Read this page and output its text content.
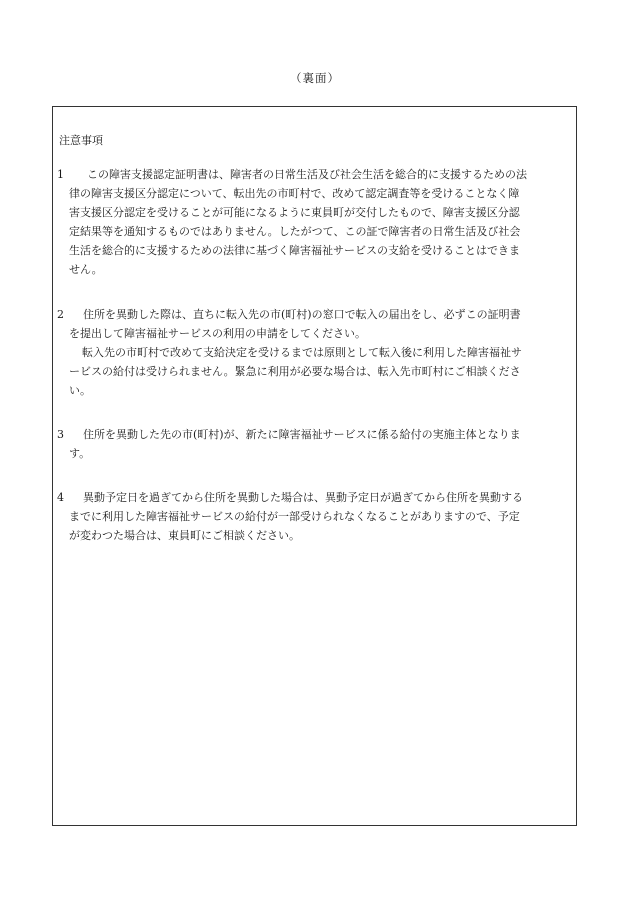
（裏面）
注意事項
1 この障害支援認定証明書は、障害者の日常生活及び社会生活を総合的に支援するための法
律の障害支援区分認定について、転出先の市町村で、改めて認定調査等を受けることなく障
害支援区分認定を受けることが可能になるように東員町が交付したもので、障害支援区分認
定結果等を通知するものではありません。したがつて、この証で障害者の日常生活及び社会
生活を総合的に支援するための法律に基づく障害福祉サービスの支給を受けることはできま
せん。
2 住所を異動した際は、直ちに転入先の市(町村)の窓口で転入の届出をし、必ずこの証明書
を提出して障害福祉サービスの利用の申請をしてください。
転入先の市町村で改めて支給決定を受けるまでは原則として転入後に利用した障害福祉サ
ービスの給付は受けられません。緊急に利用が必要な場合は、転入先市町村にご相談くださ
い。
3 住所を異動した先の市(町村)が、新たに障害福祉サービスに係る給付の実施主体となりま
す。
4 異動予定日を過ぎてから住所を異動した場合は、異動予定日が過ぎてから住所を異動する
までに利用した障害福祉サービスの給付が一部受けられなくなることがありますので、予定
が変わつた場合は、東員町にご相談ください。
